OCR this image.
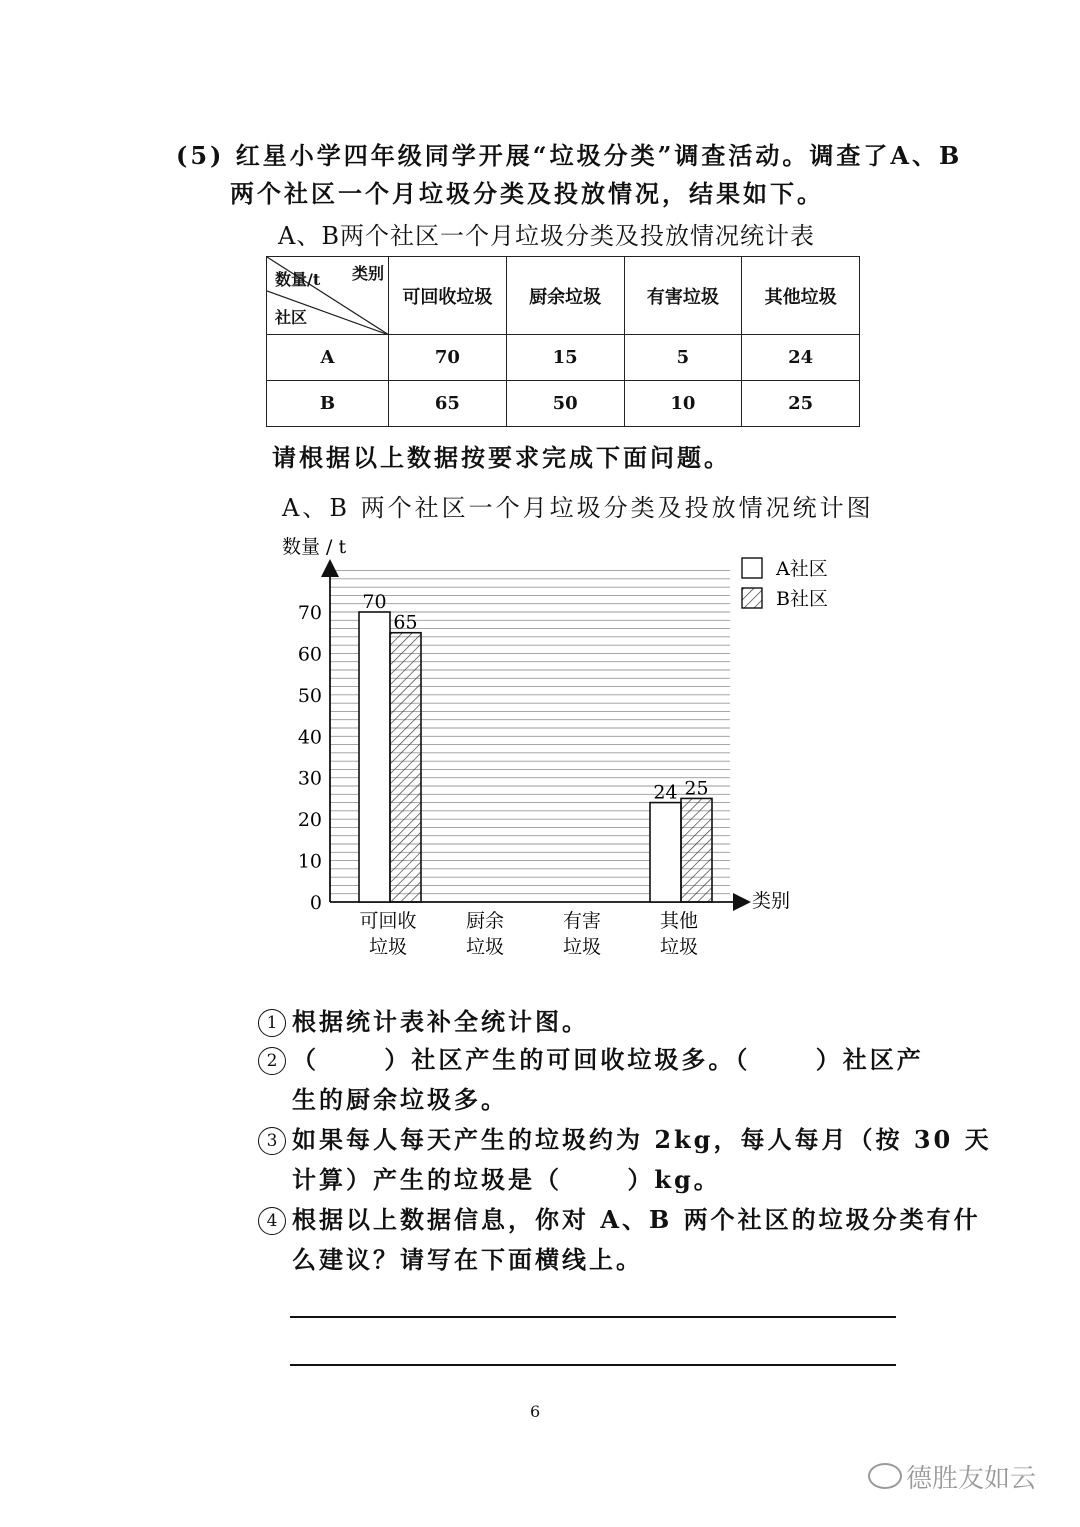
(5) 红星小学四年级同学开展“垃圾分类”调查活动。调查了A、B
两个社区一个月垃圾分类及投放情况，结果如下。
A、B两个社区一个月垃圾分类及投放情况统计表
类别
数量/t
社区	可回收垃圾	厨余垃圾	有害垃圾	其他垃圾
A	70	15	5	24
B	65	50	10	25
请根据以上数据按要求完成下面问题。
A、B 两个社区一个月垃圾分类及投放情况统计图
0
10
20
30
40
50
60
70
数量 / t
类别
可回收
垃圾
70
65
厨余
垃圾
有害
垃圾
其他
垃圾
24 25
A社区
B社区
1 根据统计表补全统计图。
2 （　　 ）社区产生的可回收垃圾多。（　　 ）社区产
生的厨余垃圾多。
3 如果每人每天产生的垃圾约为 2kg，每人每月（按 30 天
计算）产生的垃圾是（　　 ）kg。
4 根据以上数据信息，你对 A、B 两个社区的垃圾分类有什
么建议？请写在下面横线上。
6
德胜友如云
